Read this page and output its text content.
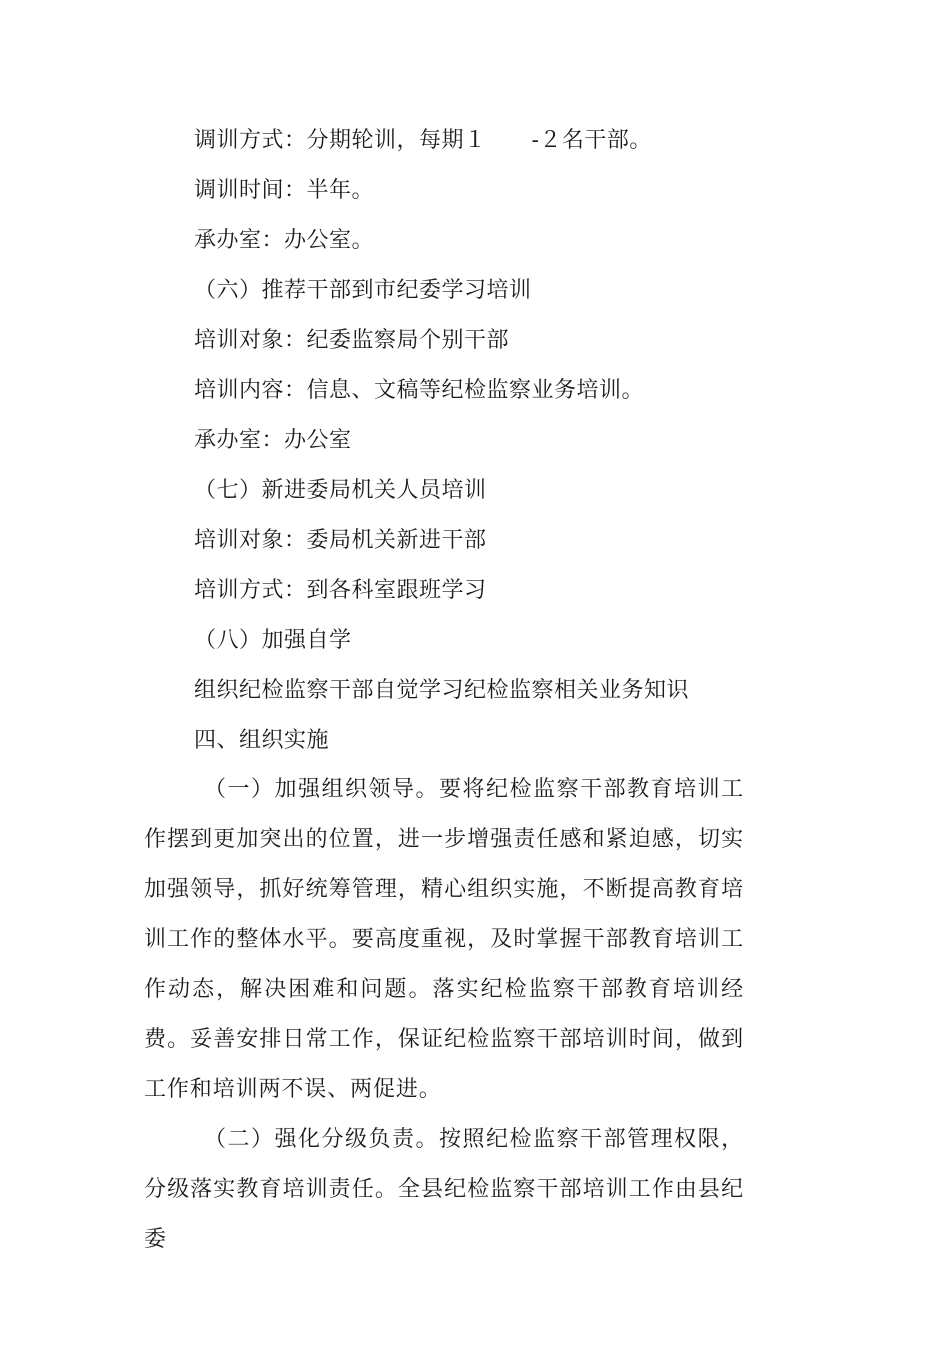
调训方式：分期轮训，每期１　　-２名干部。
调训时间：半年。
承办室：办公室。
（六）推荐干部到市纪委学习培训
培训对象：纪委监察局个别干部
培训内容：信息、文稿等纪检监察业务培训。
承办室：办公室
（七）新进委局机关人员培训
培训对象：委局机关新进干部
培训方式：到各科室跟班学习
（八）加强自学
组织纪检监察干部自觉学习纪检监察相关业务知识
四、组织实施
（一）加强组织领导。要将纪检监察干部教育培训工作摆到更加突出的位置，进一步增强责任感和紧迫感，切实加强领导，抓好统筹管理，精心组织实施，不断提高教育培训工作的整体水平。要高度重视，及时掌握干部教育培训工作动态，解决困难和问题。落实纪检监察干部教育培训经费。妥善安排日常工作，保证纪检监察干部培训时间，做到工作和培训两不误、两促进。
（二）强化分级负责。按照纪检监察干部管理权限，分级落实教育培训责任。全县纪检监察干部培训工作由县纪委
